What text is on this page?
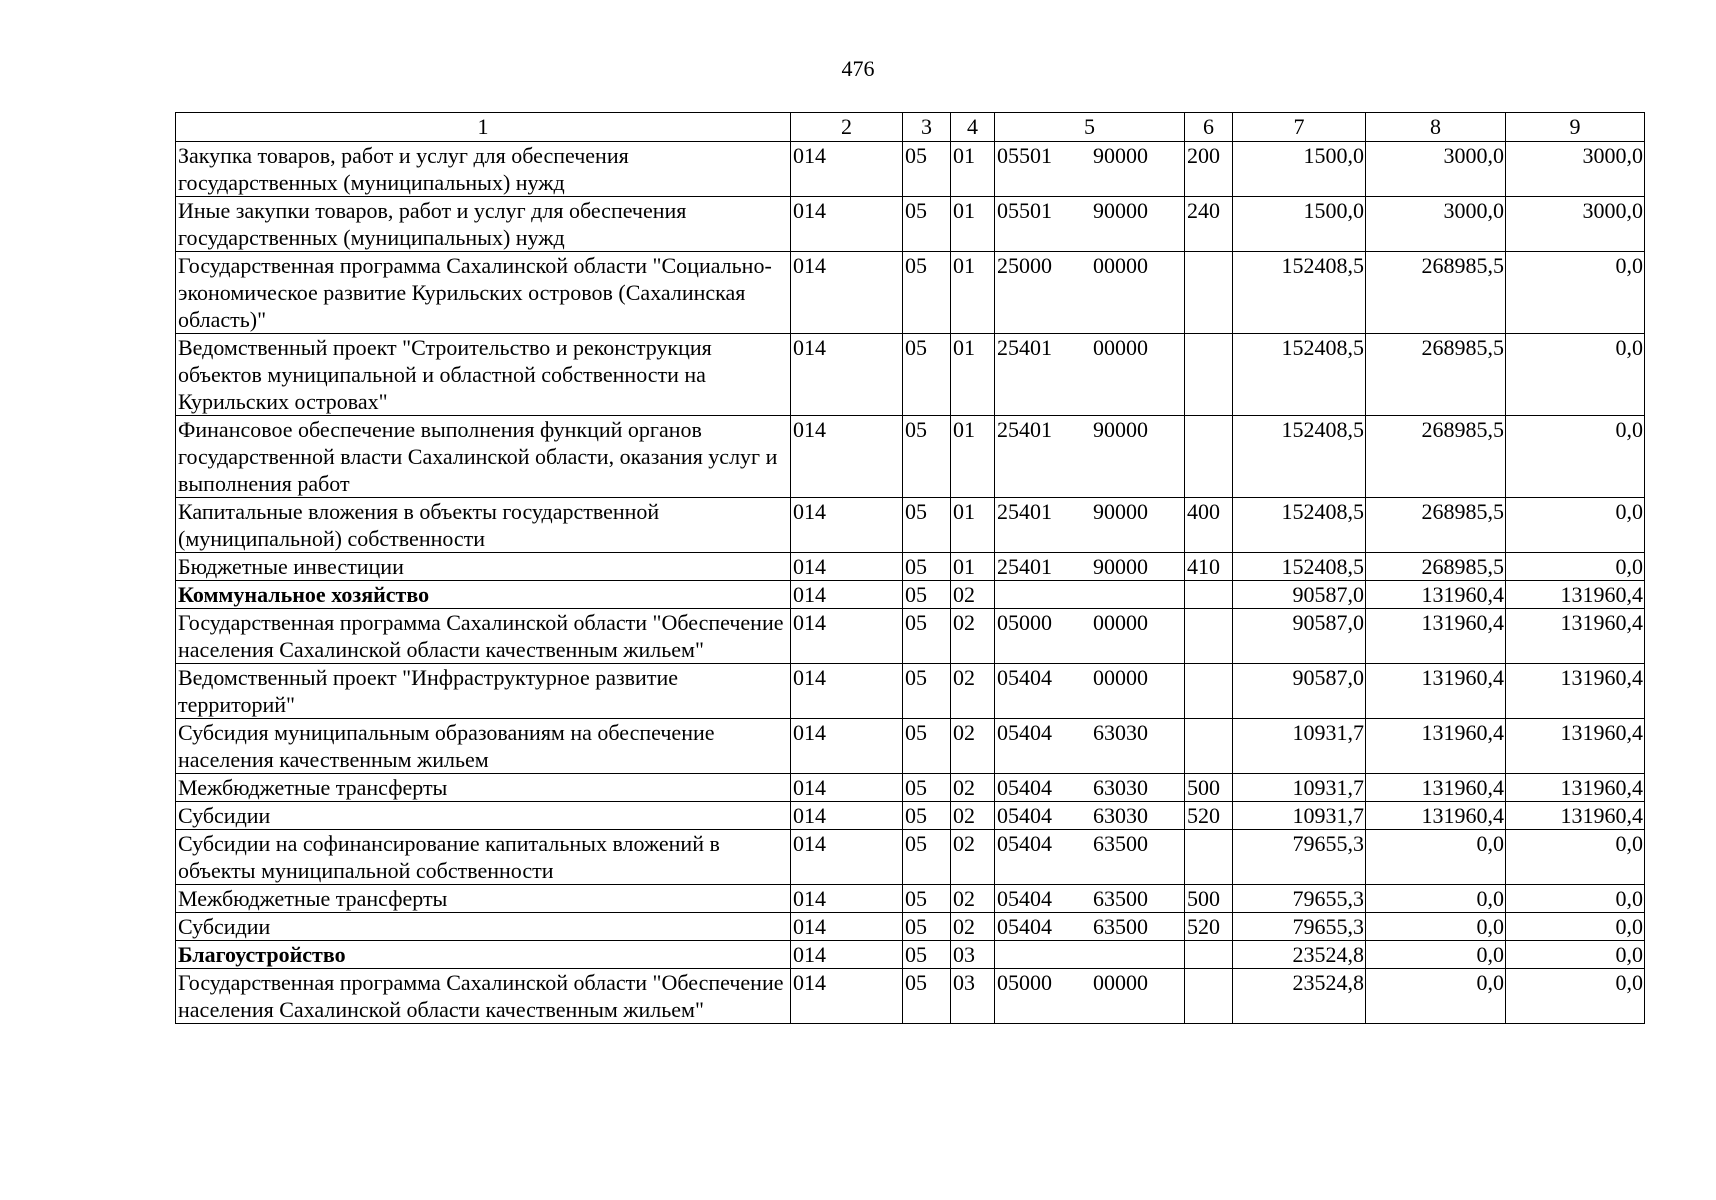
476
1	2	3	4	5	6	7	8	9
Закупка товаров, работ и услуг для обеспечения государственных (муниципальных) нужд	014	05	01	05501 90000	200	1500,0	3000,0	3000,0
Иные закупки товаров, работ и услуг для обеспечения государственных (муниципальных) нужд	014	05	01	05501 90000	240	1500,0	3000,0	3000,0
Государственная программа Сахалинской области "Социально-экономическое развитие Курильских островов (Сахалинская область)"	014	05	01	25000 00000		152408,5	268985,5	0,0
Ведомственный проект "Строительство и реконструкция объектов муниципальной и областной собственности на Курильских островах"	014	05	01	25401 00000		152408,5	268985,5	0,0
Финансовое обеспечение выполнения функций органов государственной власти Сахалинской области, оказания услуг и выполнения работ	014	05	01	25401 90000		152408,5	268985,5	0,0
Капитальные вложения в объекты государственной (муниципальной) собственности	014	05	01	25401 90000	400	152408,5	268985,5	0,0
Бюджетные инвестиции	014	05	01	25401 90000	410	152408,5	268985,5	0,0
Коммунальное хозяйство	014	05	02			90587,0	131960,4	131960,4
Государственная программа Сахалинской области "Обеспечение населения Сахалинской области качественным жильем"	014	05	02	05000 00000		90587,0	131960,4	131960,4
Ведомственный проект "Инфраструктурное развитие территорий"	014	05	02	05404 00000		90587,0	131960,4	131960,4
Субсидия муниципальным образованиям на обеспечение населения качественным жильем	014	05	02	05404 63030		10931,7	131960,4	131960,4
Межбюджетные трансферты	014	05	02	05404 63030	500	10931,7	131960,4	131960,4
Субсидии	014	05	02	05404 63030	520	10931,7	131960,4	131960,4
Субсидии на софинансирование капитальных вложений в объекты муниципальной собственности	014	05	02	05404 63500		79655,3	0,0	0,0
Межбюджетные трансферты	014	05	02	05404 63500	500	79655,3	0,0	0,0
Субсидии	014	05	02	05404 63500	520	79655,3	0,0	0,0
Благоустройство	014	05	03			23524,8	0,0	0,0
Государственная программа Сахалинской области "Обеспечение населения Сахалинской области качественным жильем"	014	05	03	05000 00000		23524,8	0,0	0,0
